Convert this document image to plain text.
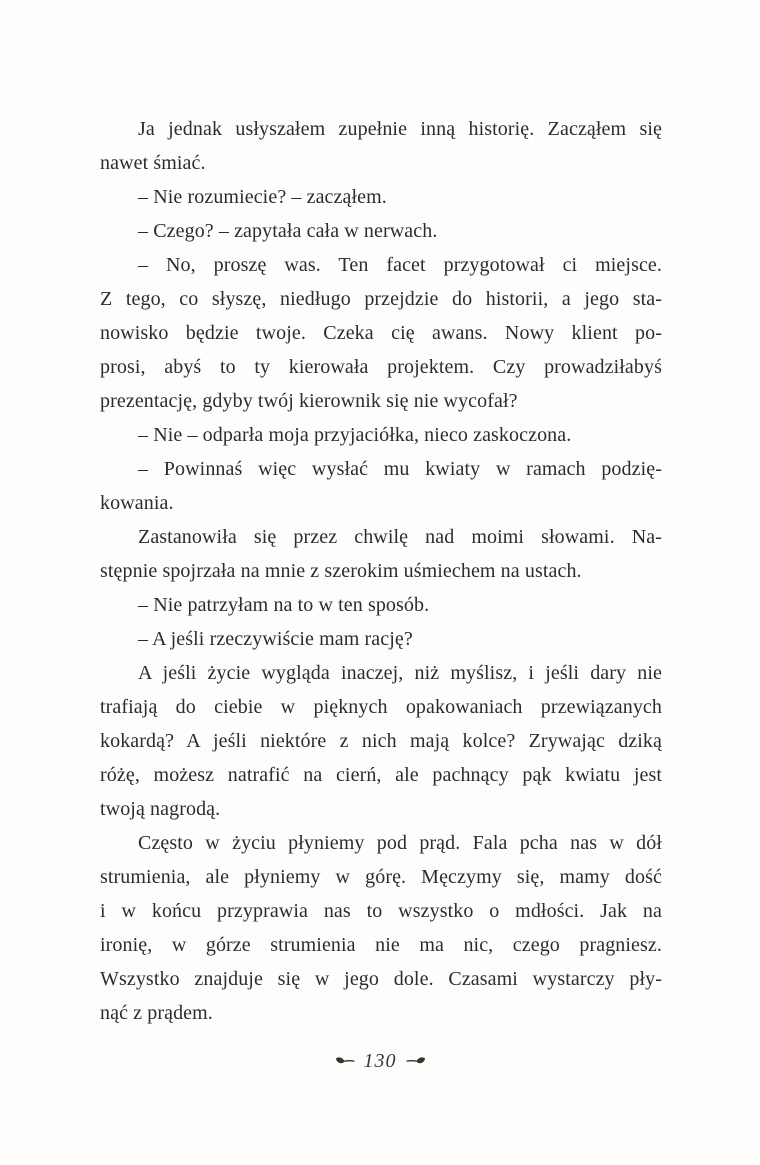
Ja jednak usłyszałem zupełnie inną historię. Zacząłem się
nawet śmiać.
– Nie rozumiecie? – zacząłem.
– Czego? – zapytała cała w nerwach.
– No, proszę was. Ten facet przygotował ci miejsce.
Z tego, co słyszę, niedługo przejdzie do historii, a jego sta-
nowisko będzie twoje. Czeka cię awans. Nowy klient po-
prosi, abyś to ty kierowała projektem. Czy prowadziłabyś
prezentację, gdyby twój kierownik się nie wycofał?
– Nie – odparła moja przyjaciółka, nieco zaskoczona.
– Powinnaś więc wysłać mu kwiaty w ramach podzię-
kowania.
Zastanowiła się przez chwilę nad moimi słowami. Na-
stępnie spojrzała na mnie z szerokim uśmiechem na ustach.
– Nie patrzyłam na to w ten sposób.
– A jeśli rzeczywiście mam rację?
A jeśli życie wygląda inaczej, niż myślisz, i jeśli dary nie
trafiają do ciebie w pięknych opakowaniach przewiązanych
kokardą? A jeśli niektóre z nich mają kolce? Zrywając dziką
różę, możesz natrafić na cierń, ale pachnący pąk kwiatu jest
twoją nagrodą.
Często w życiu płyniemy pod prąd. Fala pcha nas w dół
strumienia, ale płyniemy w górę. Męczymy się, mamy dość
i w końcu przyprawia nas to wszystko o mdłości. Jak na
ironię, w górze strumienia nie ma nic, czego pragniesz.
Wszystko znajduje się w jego dole. Czasami wystarczy pły-
nąć z prądem.
130
